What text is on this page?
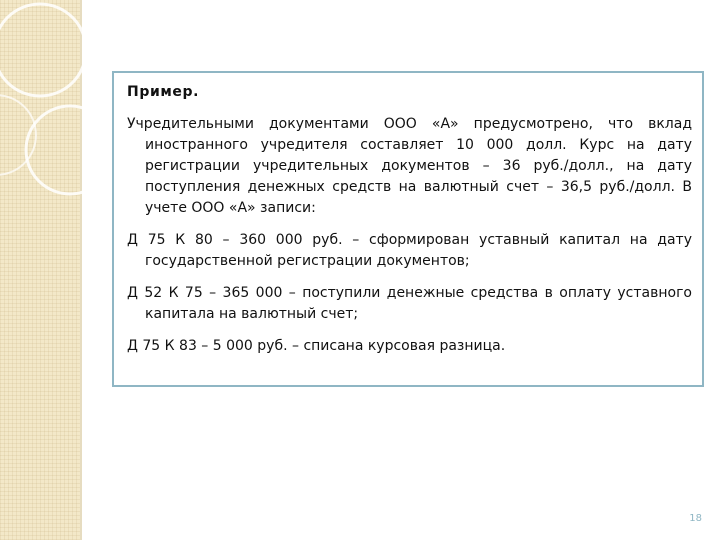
Пример.

Учредительными документами ООО «А» предусмотрено, что вклад иностранного учредителя составляет 10 000 долл. Курс на дату регистрации учредительных документов – 36 руб./долл., на дату поступления денежных средств на валютный счет – 36,5 руб./долл. В учете ООО «А» записи:

Д 75 К 80 – 360 000 руб. – сформирован уставный капитал на дату государственной регистрации документов;

Д 52 К 75 – 365 000 – поступили денежные средства в оплату уставного капитала на валютный счет;

Д 75 К 83 – 5 000 руб. – списана курсовая разница.

18
